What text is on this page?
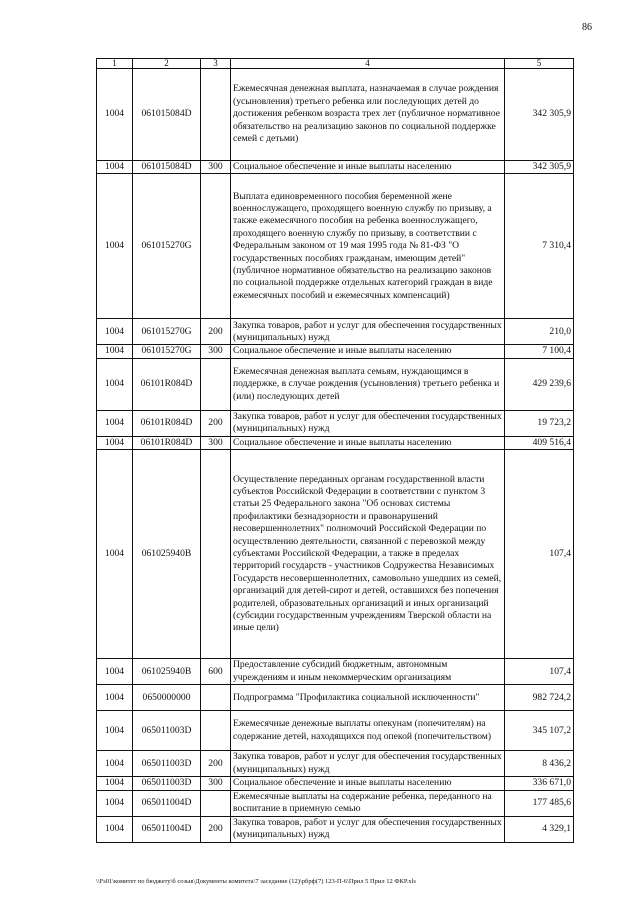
86
1	2	3	4	5
1004	061015084D		Ежемесячная денежная выплата, назначаемая в случае рождения (усыновления) третьего ребенка или последующих детей до достижения ребенком возраста трех лет (публичное нормативное обязательство на реализацию законов по социальной поддержке семей с детьми)	342 305,9
1004	061015084D	300	Социальное обеспечение и иные выплаты населению	342 305,9
1004	061015270G		Выплата единовременного пособия беременной жене военнослужащего, проходящего военную службу по призыву, а также ежемесячного пособия на ребенка военнослужащего, проходящего военную службу по призыву, в соответствии с Федеральным законом от 19 мая 1995 года № 81-ФЗ "О государственных пособиях гражданам, имеющим детей" (публичное нормативное обязательство на реализацию законов по социальной поддержке отдельных категорий граждан в виде ежемесячных пособий и ежемесячных компенсаций)	7 310,4
1004	061015270G	200	Закупка товаров, работ и услуг для обеспечения государственных (муниципальных) нужд	210,0
1004	061015270G	300	Социальное обеспечение и иные выплаты населению	7 100,4
1004	06101R084D		Ежемесячная денежная выплата семьям, нуждающимся в поддержке, в случае рождения (усыновления) третьего ребенка и (или) последующих детей	429 239,6
1004	06101R084D	200	Закупка товаров, работ и услуг для обеспечения государственных (муниципальных) нужд	19 723,2
1004	06101R084D	300	Социальное обеспечение и иные выплаты населению	409 516,4
1004	061025940B		Осуществление переданных органам государственной власти субъектов Российской Федерации в соответствии с пунктом 3 статьи 25 Федерального закона "Об основах системы профилактики безнадзорности и правонарушений несовершеннолетних" полномочий Российской Федерации по осуществлению деятельности, связанной с перевозкой между субъектами Российской Федерации, а также в пределах территорий государств - участников Содружества Независимых Государств несовершеннолетних, самовольно ушедших из семей, организаций для детей-сирот и детей, оставшихся без попечения родителей, образовательных организаций и иных организаций (субсидии государственным учреждениям Тверской области на иные цели)	107,4
1004	061025940B	600	Предоставление субсидий бюджетным, автономным учреждениям и иным некоммерческим организациям	107,4
1004	0650000000		Подпрограмма "Профилактика социальной исключенности"	982 724,2
1004	065011003D		Ежемесячные денежные выплаты опекунам (попечителям) на содержание детей, находящихся под опекой (попечительством)	345 107,2
1004	065011003D	200	Закупка товаров, работ и услуг для обеспечения государственных (муниципальных) нужд	8 436,2
1004	065011003D	300	Социальное обеспечение и иные выплаты населению	336 671,0
1004	065011004D		Ежемесячные выплаты на содержание ребенка, переданного на воспитание в приемную семью	177 485,6
1004	065011004D	200	Закупка товаров, работ и услуг для обеспечения государственных (муниципальных) нужд	4 329,1
\\Fs01\комитет по бюджету\б созыв\Документы комитета\7 заседание (12)\рбрф(7) 123-П-6\Прил 5 Прил 12 ФКР.xls
